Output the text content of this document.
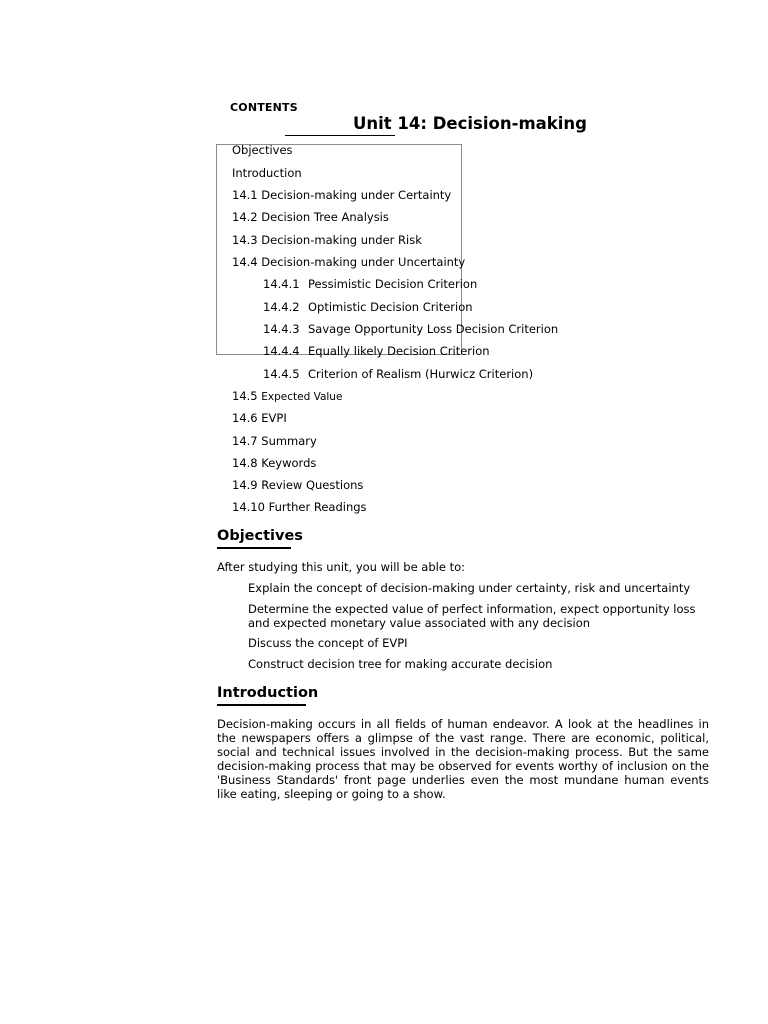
CONTENTS
Unit 14: Decision-making
Objectives
Introduction
14.1 Decision-making under Certainty
14.2 Decision Tree Analysis
14.3 Decision-making under Risk
14.4 Decision-making under Uncertainty
14.4.1 Pessimistic Decision Criterion
14.4.2 Optimistic Decision Criterion
14.4.3 Savage Opportunity Loss Decision Criterion
14.4.4 Equally likely Decision Criterion
14.4.5 Criterion of Realism (Hurwicz Criterion)
14.5 Expected Value
14.6 EVPI
14.7 Summary
14.8 Keywords
14.9 Review Questions
14.10 Further Readings
Objectives
After studying this unit, you will be able to:
Explain the concept of decision-making under certainty, risk and uncertainty
Determine the expected value of perfect information, expect opportunity loss and expected monetary value associated with any decision
Discuss the concept of EVPI
Construct decision tree for making accurate decision
Introduction
Decision-making occurs in all fields of human endeavor. A look at the headlines in the newspapers offers a glimpse of the vast range. There are economic, political, social and technical issues involved in the decision-making process. But the same decision-making process that may be observed for events worthy of inclusion on the 'Business Standards' front page underlies even the most mundane human events like eating, sleeping or going to a show.
